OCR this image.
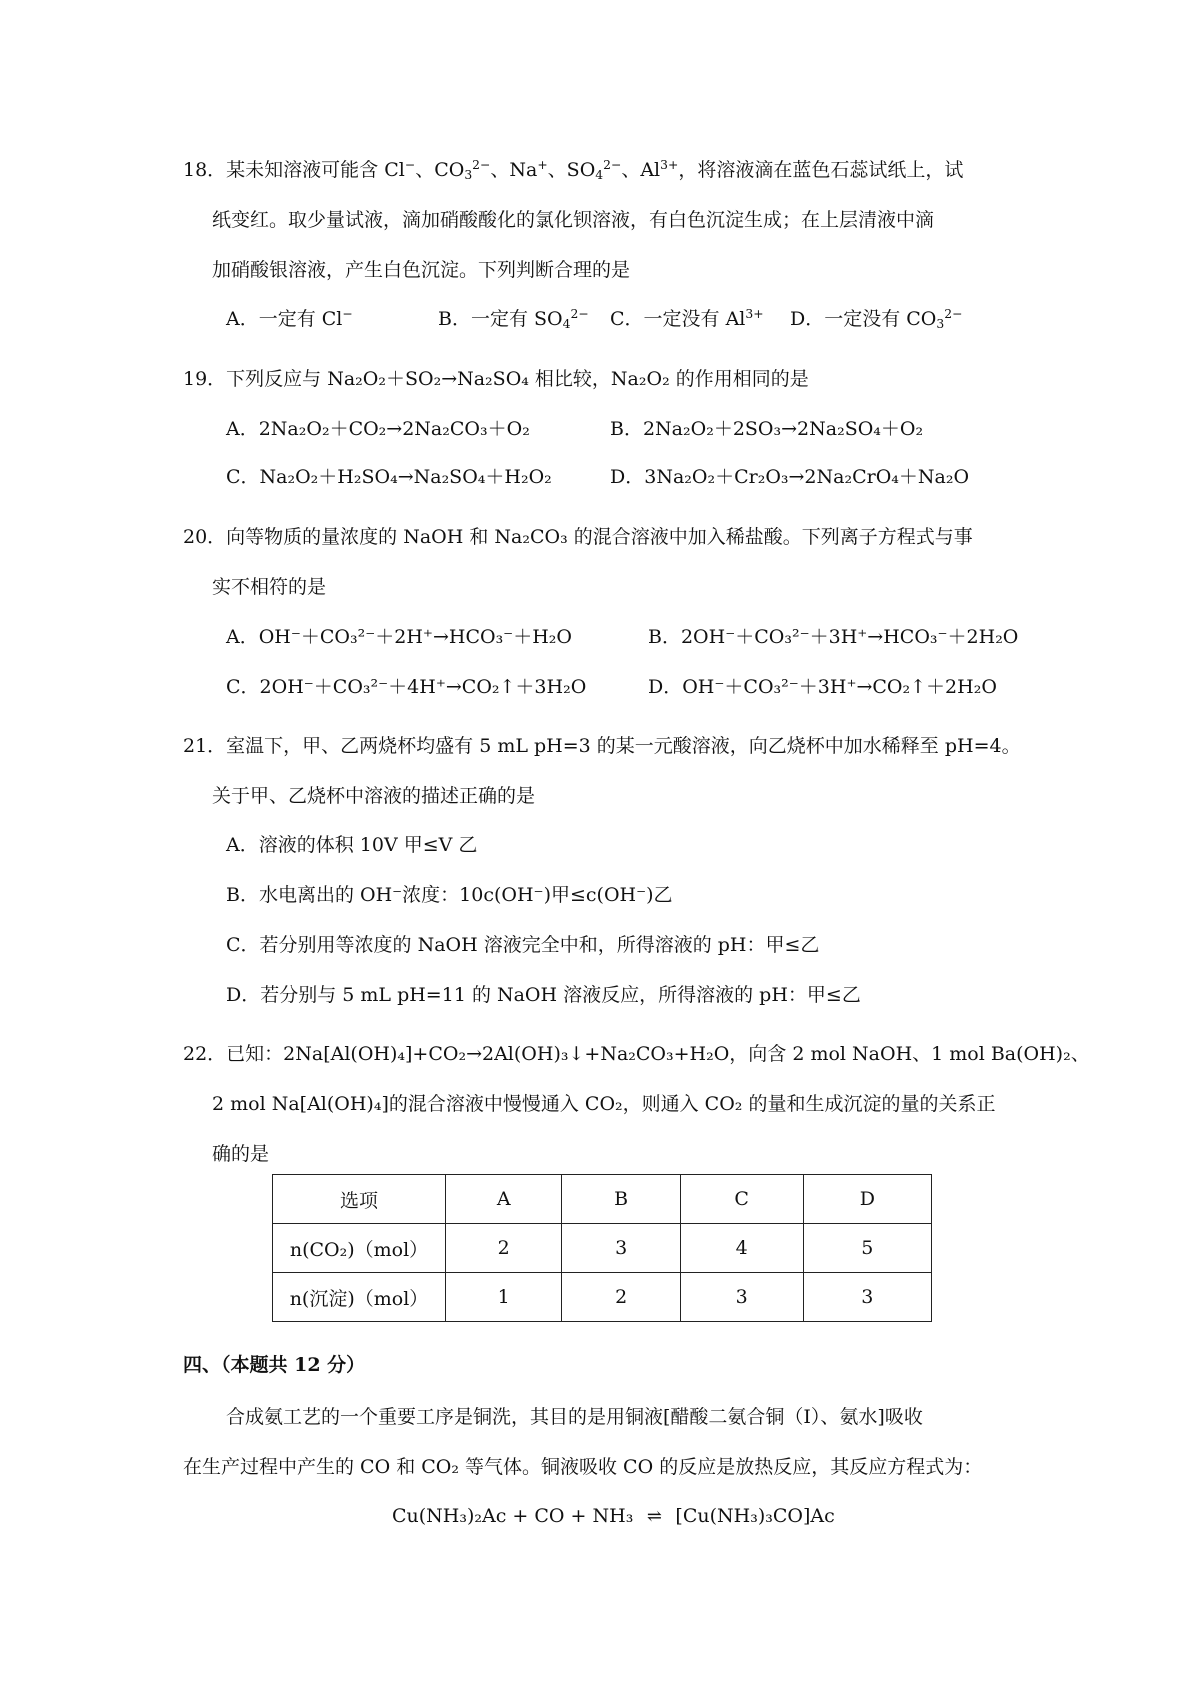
18．某未知溶液可能含 Cl−、$CO_3^{2-}$、Na+、$SO_4^{2-}$、$Al^{3+}$，将溶液滴在蓝色石蕊试纸上，试
纸变红。取少量试液，滴加硝酸酸化的氯化钡溶液，有白色沉淀生成；在上层清液中滴
加硝酸银溶液，产生白色沉淀。下列判断合理的是
A．一定有 Cl−	B．一定有 $SO_4^{2-}$ C．一定没有 $Al^{3+}$ D．一定没有 $CO_3^{2-}$
19．下列反应与 Na₂O₂＋SO₂→Na₂SO₄ 相比较，Na₂O₂ 的作用相同的是
A．2Na₂O₂＋CO₂→2Na₂CO₃＋O₂	B．2Na₂O₂＋2SO₃→2Na₂SO₄＋O₂
C．Na₂O₂＋H₂SO₄→Na₂SO₄＋H₂O₂	D．3Na₂O₂＋Cr₂O₃→2Na₂CrO₄＋Na₂O
20．向等物质的量浓度的 NaOH 和 Na₂CO₃ 的混合溶液中加入稀盐酸。下列离子方程式与事
实不相符的是
A．OH⁻＋CO₃²⁻＋2H⁺→HCO₃⁻＋H₂O	B．2OH⁻＋CO₃²⁻＋3H⁺→HCO₃⁻＋2H₂O
C．2OH⁻＋CO₃²⁻＋4H⁺→CO₂↑＋3H₂O	D．OH⁻＋CO₃²⁻＋3H⁺→CO₂↑＋2H₂O
21．室温下，甲、乙两烧杯均盛有 5 mL pH=3 的某一元酸溶液，向乙烧杯中加水稀释至 pH=4。
关于甲、乙烧杯中溶液的描述正确的是
A．溶液的体积 10V 甲≤V 乙
B．水电离出的 OH⁻浓度：10c(OH⁻)甲≤c(OH⁻)乙
C．若分别用等浓度的 NaOH 溶液完全中和，所得溶液的 pH：甲≤乙
D．若分别与 5 mL pH=11 的 NaOH 溶液反应，所得溶液的 pH：甲≤乙
22．已知：2Na[Al(OH)₄]+CO₂→2Al(OH)₃↓+Na₂CO₃+H₂O，向含 2 mol NaOH、1 mol Ba(OH)₂、
2 mol Na[Al(OH)₄]的混合溶液中慢慢通入 CO₂，则通入 CO₂ 的量和生成沉淀的量的关系正
确的是
选项	A	B	C	D
n(CO₂)（mol）	2	3	4	5
n(沉淀)（mol）	1	2	3	3
四、（本题共 12 分）
合成氨工艺的一个重要工序是铜洗，其目的是用铜液[醋酸二氨合铜（Ⅰ）、氨水]吸收
在生产过程中产生的 CO 和 CO₂ 等气体。铜液吸收 CO 的反应是放热反应，其反应方程式为：
Cu(NH₃)₂Ac + CO + NH₃ ⇌ [Cu(NH₃)₃CO]Ac
